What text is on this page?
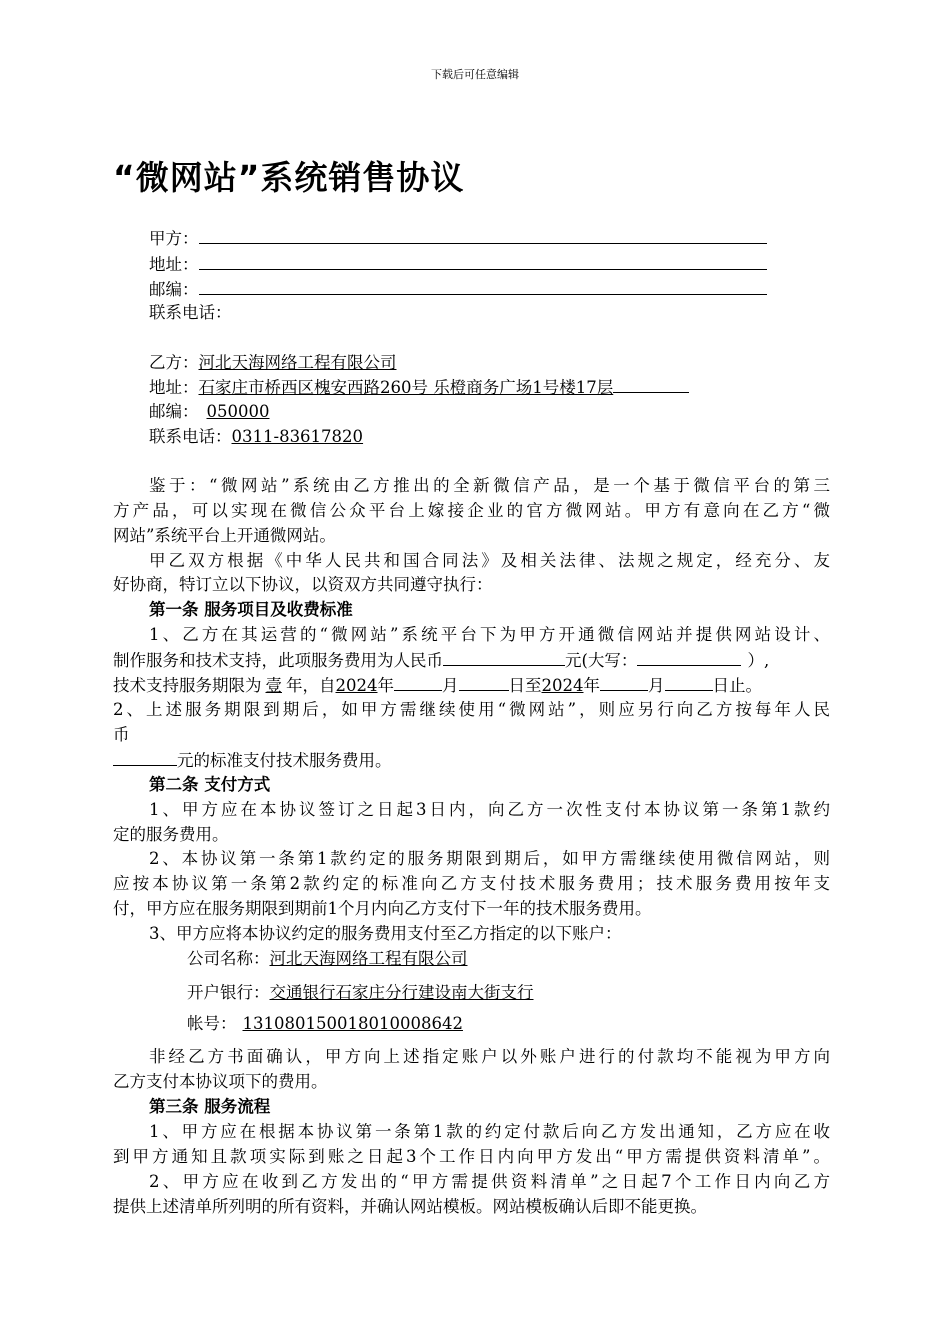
下载后可任意编辑
“微网站”系统销售协议
甲方：
地址：
邮编：
联系电话：
乙方：河北天海网络工程有限公司
地址：石家庄市桥西区槐安西路260号 乐橙商务广场1号楼17层
邮编： 050000
联系电话：0311-83617820
鉴于：“微网站”系统由乙方推出的全新微信产品，是一个基于微信平台的第三
方产品，可以实现在微信公众平台上嫁接企业的官方微网站。甲方有意向在乙方“微
网站”系统平台上开通微网站。
甲乙双方根据《中华人民共和国合同法》及相关法律、法规之规定，经充分、友
好协商，特订立以下协议，以资双方共同遵守执行：
第一条 服务项目及收费标准
1、乙方在其运营的“微网站”系统平台下为甲方开通微信网站并提供网站设计、
制作服务和技术支持，此项服务费用为人民币	元(大写：	）,
技术支持服务期限为 壹 年，自2024年	月	日至2024年	月	日止。
2、上述服务期限到期后，如甲方需继续使用“微网站”，则应另行向乙方按每年人民
币
元的标准支付技术服务费用。
第二条 支付方式
1、甲方应在本协议签订之日起3日内，向乙方一次性支付本协议第一条第1款约
定的服务费用。
2、本协议第一条第1款约定的服务期限到期后，如甲方需继续使用微信网站，则
应按本协议第一条第2款约定的标准向乙方支付技术服务费用；技术服务费用按年支
付，甲方应在服务期限到期前1个月内向乙方支付下一年的技术服务费用。
3、甲方应将本协议约定的服务费用支付至乙方指定的以下账户：
公司名称：河北天海网络工程有限公司
开户银行：交通银行石家庄分行建设南大街支行
帐号： 131080150018010008642
非经乙方书面确认，甲方向上述指定账户以外账户进行的付款均不能视为甲方向
乙方支付本协议项下的费用。
第三条 服务流程
1、甲方应在根据本协议第一条第1款的约定付款后向乙方发出通知，乙方应在收
到甲方通知且款项实际到账之日起3个工作日内向甲方发出“甲方需提供资料清单”。
2、甲方应在收到乙方发出的“甲方需提供资料清单”之日起7个工作日内向乙方
提供上述清单所列明的所有资料，并确认网站模板。网站模板确认后即不能更换。
